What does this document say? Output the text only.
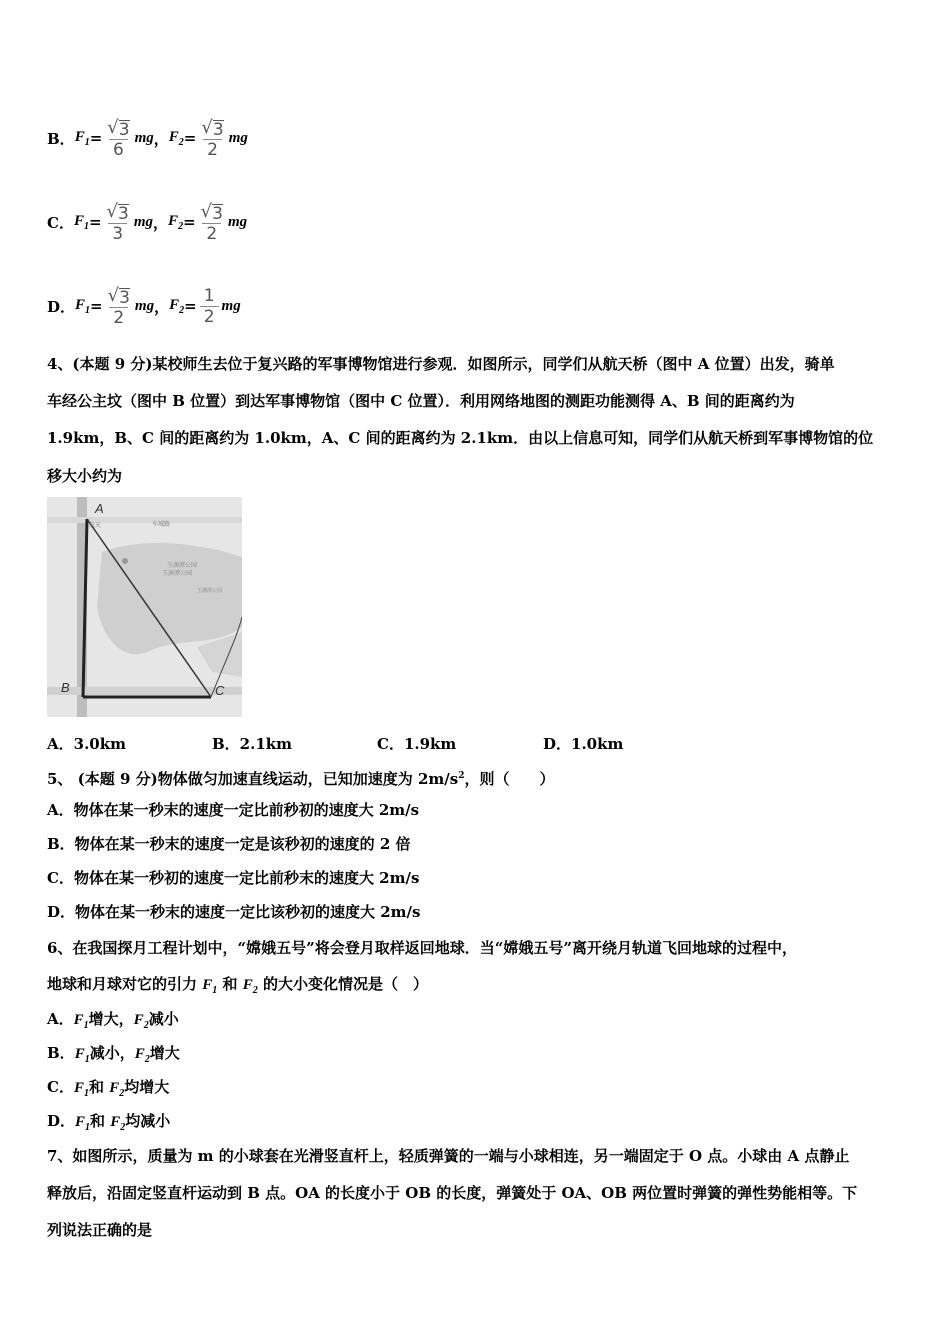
B． $F_1 = \frac{√ 3}{6}$ mg ， $F_2 = \frac{√ 3}{2}$ mg
C． $F_1 = \frac{√ 3}{3}$ mg ， $F_2 = \frac{√ 3}{2}$ mg
D． $F_1 = \frac{√ 3}{2}$ mg ， $F_2 = \frac{1}{2}$ mg
4、(本题 9 分)某校师生去位于复兴路的军事博物馆进行参观．如图所示，同学们从航天桥（图中 A 位置）出发，骑单
车经公主坟（图中 B 位置）到达军事博物馆（图中 C 位置）．利用网络地图的测距功能测得 A、B 间的距离约为
1.9km，B、C 间的距离约为 1.0km，A、C 间的距离约为 2.1km．由以上信息可知，同学们从航天桥到军事博物馆的位
移大小约为
A
B	C
车城路
航天
玉渊潭公园
玉渊潭公园
玉渊潭公园
A．3.0km	B．2.1km	C．1.9km	D．1.0km
5、 (本题 9 分)物体做匀加速直线运动，已知加速度为 $2m/s^2$，则（　　）
A．物体在某一秒末的速度一定比前秒初的速度大 2m/s
B．物体在某一秒末的速度一定是该秒初的速度的 2 倍
C．物体在某一秒初的速度一定比前秒末的速度大 2m/s
D．物体在某一秒末的速度一定比该秒初的速度大 2m/s
6、在我国探月工程计划中，“嫦娥五号”将会登月取样返回地球．当“嫦娥五号”离开绕月轨道飞回地球的过程中，
地球和月球对它的引力 $F_1$ 和 $F_2$ 的大小变化情况是（　）
A．$F_1$增大，$F_2$减小
B．$F_1$减小，$F_2$增大
C．$F_1$和 $F_2$均增大
D．$F_1$和 $F_2$均减小
7、如图所示，质量为 m 的小球套在光滑竖直杆上，轻质弹簧的一端与小球相连，另一端固定于 O 点。小球由 A 点静止
释放后，沿固定竖直杆运动到 B 点。OA 的长度小于 OB 的长度，弹簧处于 OA、OB 两位置时弹簧的弹性势能相等。下
列说法正确的是
